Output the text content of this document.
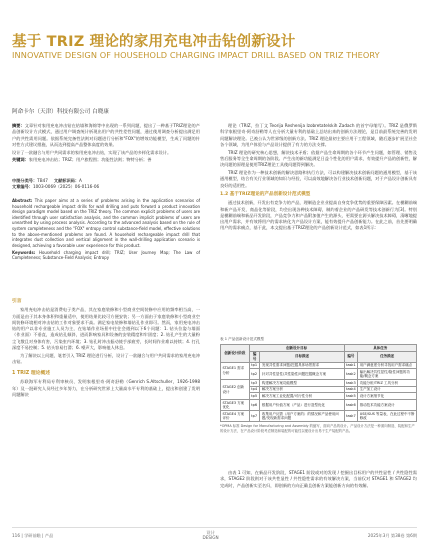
基于 TRIZ 理论的家用充电冲击钻创新设计
INNOVATIVE DESIGN OF HOUSEHOLD CHARGING IMPACT DRILL BASED ON TRIZ THEORY
阿命卡尔（天津）科技有限公司 白晓康

摘要：文章针对家用充电冲击钻在钻墙和海绵等中出现的一系列问题，提出了一种基于TRIZ理论的产品创新设计方式模式，通过用户调查统计析现出用户的共性差性问题，通过使用调查分析提出满足用户的共性需用问题。依据系统完备性法则对问题进行分析和"FOX"的增效功能模型，生成了问题的针对性方式建议措施，从而达到提高产品整体高度的效果。

设计了一款融合与用户共同需求的家用充电冲击钻，实现了该产品的多样化需求设计。

关键词：家用充电冲击钻；TRIZ；用户旅程图；功能性法则；物特分析；善

中图分类号：TB47 文献标识码：A
文章编号：1003-0069（2025）06-0116-06

Abstract: This paper aims at a series of problems arising in the application scenarios of household rechargeable impact drills for wall drilling and puts forward a product innovation design paradigm model based on the TRIZ theory. The common explicit problems of users are identified through user satisfaction analysis, and the common implicit problems of users are unearthed by using process analysis. According to the advanced analysis based on the rule of system completeness and the "FOX" entropy control substance-field model, effective solutions to the above-mentioned problems are found. A household rechargeable impact drill that integrates dust collection and vertical alignment in the wall-drilling application scenario is designed, achieving a favorable user experience for this product.

Keywords: Household charging impact drill; TRIZ; User Journey Map; The Law of Completeness; Substance-Field Analysis; Entropy

理论（TRIZ，拉丁文 Teorija Reshenija Izobretatelskih Zadach 的首字母缩写）。TRIZ 是俄罗斯科学家根里奇·阿奇舒勒等人在分析大量专利的基础上总结出来的创新方法理论，是目前最系统完善的发明问题解决理论。已被公认为世界级的创新方法。TRIZ 理论最初主要应用于工程领域，随后逐步扩展至社会各个领域，为用户体验与产品设计提供了有力的方法支撑。

TRIZ 理论的研究核心思想，解决技术矛盾；依据产品生命周期的各个环节产生问题，如管理、销售及售后服务等全生命周期的各阶段。产生出的新功能满足日益个性化的用户需求，有效提升产品的创新性，解决问题的原理是使用TRIZ理论工具使问题得到解决。

TRIZ 理论作为一种技术创新的解决思路和执行方法，可以构建解决技术创新问题的通用模型，基于该通用模型，结合有关行业领域的知识与经验，可以高效地解决各行业技术创新问题，对于产品设计创新具有良好的适用性。

1.2 基于TRIZ理论的产品创新设计范式模型

通过技术创新，开发出有竞争力的产品，理制造企业业提高自身竞争优势的重要保障因素。在模糊前端和新产品开发、商品化等阶段，均会出现各种技术障碍，制约着企业的产品研发等技术创新行为[3]。特别是模糊前端和新品开发阶段，产品竞争力和产品附加值产生的源头，更需要在源头解决技术障碍，清晰地提出用户需求，并有效将用户的需求转化为产品设计方案，能有效提升产品创新能力。在此之前，首先要明确用户的需求痛点，基于此，本文提出基于TRIZ理论的产品创新设计范式，如表1所示：

引言

家用充电冲击钻是消费电子类产品，其在家庭装修和小型商业空间装修中应用的频率相当高，一方面是由于其本身体积和重量适中，使用结果比较可方便安装；另一方面由于家庭装修和小型商业空间装修环境相对冲击钻的工作对象要求不高。满足家电装修和墙钻孔作业即可。然而，家用充电冲击钻的用户以非专业施工人员为主，在钻墙作业场景中往往会遇到以下6个问题：1. 钻头位姿与墙面（作业面）不垂直，造成钻孔倾斜，进而影响家具和设备的安装精度和牢固度；2. 钻孔产生的大量粉尘飞散且对身体有害，污染室内环境；3. 钻孔时冲击振动使手部疲劳，长时间作业难以持续；4. 打孔深度不易控制；5. 钻头容易打滑；6. 噪声大，影响他人休息。

为了解决以上问题，笔者引入 TRIZ 理论进行分析，设计了一款融合与用户共同需求的家用充电冲击钻。

1 TRIZ 理论概述

苏联海军专利局专利审核员、发明家根里奇·阿奇舒勒（Genrich S.Altschuller，1926-1998 年）及一批研究人员经过多年努力，在分析研究世界上大量高水平专利的基础上，提出和创建了发明问题解决

表 1 产品创新设计范式模型
创新设计阶段	创新设计目标		具体任务	
	编号	目标描述	编号	任务描述
STAGE1 需求分析	tp1	发现共性需求问题/挖掘具体场景需求	task1	用户满意度分析寻找用户需求痛点
	tp2	针对共性显性/共性隐性问题挖掘概念方案	task2	输出解决共性显性/隐性问题的功能/概念方案
STAGE2 创新设计	tp3	构建解决方案功能模型	task3	功能分析/TRIZ 工具分析
	tp4	解决方案分析	task4	生产加工设计
	tp5	解决方案工业化配置/可行性分析	task5	设计方案细节化
STAGE3 方案优化	tp6	根据用户价值方案（产品）进行造型优化	task6	推动技术功能方案设计
STAGE4 方案评价	tp7	收集用户反馈（用户方案的）的情况和产品使用问题/发现新需求问题	task7	USE/SUS 等量表，在此过程中不断修改
*OPMA 标准 Design for Manufacturing and Assembly 的缩写，面向产品的设计。产品设计方法是一种面向制造、装配和生产的设计方法，在产品设计阶段考虑制造和装配的可能性以便设计出易于生产装配的产品。

由表 1 可知，在新品开发阶段，STAGE1 阶段或对的发现 / 挖掘出目标用户的共性显性 / 共性隐性需求，STAGE2 阶段则对于该共性显性 / 共性隐性需求的有效解决方案，当前仅对 STAGE1 和 STAGE2 均完成时，产品创新实至名归，即创新的方向正确且创新方案能创新方向的有效解。

116 | 学研前瞻 | 产品
设计
DESIGN	2025年3月 第38卷 第6期
